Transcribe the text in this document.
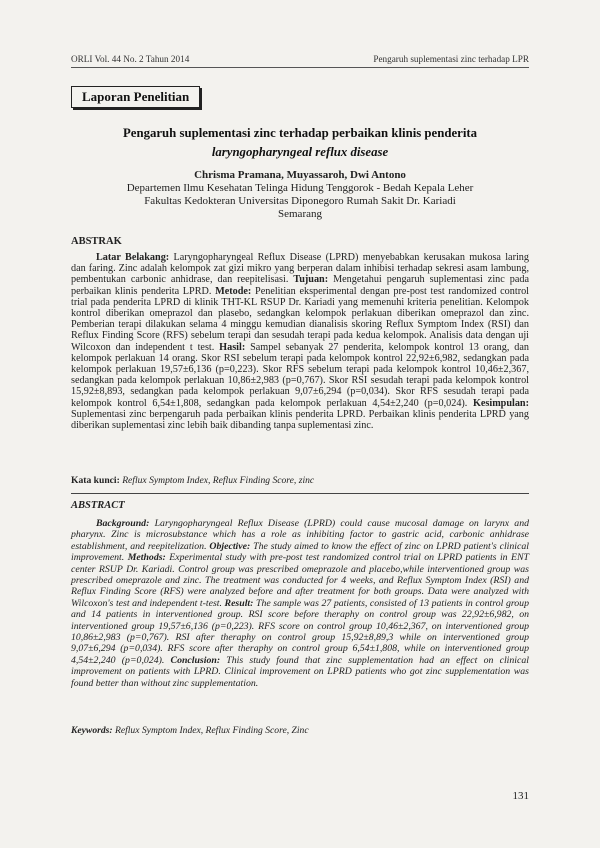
ORLI Vol. 44 No. 2 Tahun 2014	Pengaruh suplementasi zinc terhadap LPR
Laporan Penelitian
Pengaruh suplementasi zinc terhadap perbaikan klinis penderita
laryngopharyngeal reflux disease
Chrisma Pramana, Muyassaroh, Dwi Antono
Departemen Ilmu Kesehatan Telinga Hidung Tenggorok - Bedah Kepala Leher
Fakultas Kedokteran Universitas Diponegoro Rumah Sakit Dr. Kariadi
Semarang
ABSTRAK
Latar Belakang: Laryngopharyngeal Reflux Disease (LPRD) menyebabkan kerusakan mukosa laring dan faring. Zinc adalah kelompok zat gizi mikro yang berperan dalam inhibisi terhadap sekresi asam lambung, pembentukan carbonic anhidrase, dan reepitelisasi. Tujuan: Mengetahui pengaruh suplementasi zinc pada perbaikan klinis penderita LPRD. Metode: Penelitian eksperimental dengan pre-post test randomized control trial pada penderita LPRD di klinik THT-KL RSUP Dr. Kariadi yang memenuhi kriteria penelitian. Kelompok kontrol diberikan omeprazol dan plasebo, sedangkan kelompok perlakuan diberikan omeprazol dan zinc. Pemberian terapi dilakukan selama 4 minggu kemudian dianalisis skoring Reflux Symptom Index (RSI) dan Reflux Finding Score (RFS) sebelum terapi dan sesudah terapi pada kedua kelompok. Analisis data dengan uji Wilcoxon dan independent t test. Hasil: Sampel sebanyak 27 penderita, kelompok kontrol 13 orang, dan kelompok perlakuan 14 orang. Skor RSI sebelum terapi pada kelompok kontrol 22,92±6,982, sedangkan pada kelompok perlakuan 19,57±6,136 (p=0,223). Skor RFS sebelum terapi pada kelompok kontrol 10,46±2,367, sedangkan pada kelompok perlakuan 10,86±2,983 (p=0,767). Skor RSI sesudah terapi pada kelompok kontrol 15,92±8,893, sedangkan pada kelompok perlakuan 9,07±6,294 (p=0,034). Skor RFS sesudah terapi pada kelompok kontrol 6,54±1,808, sedangkan pada kelompok perlakuan 4,54±2,240 (p=0,024). Kesimpulan: Suplementasi zinc berpengaruh pada perbaikan klinis penderita LPRD. Perbaikan klinis penderita LPRD yang diberikan suplementasi zinc lebih baik dibanding tanpa suplementasi zinc.
Kata kunci: Reflux Symptom Index, Reflux Finding Score, zinc
ABSTRACT
Background: Laryngopharyngeal Reflux Disease (LPRD) could cause mucosal damage on larynx and pharynx. Zinc is microsubstance which has a role as inhibiting factor to gastric acid, carbonic anhidrase establishment, and reepitelization. Objective: The study aimed to know the effect of zinc on LPRD patient's clinical improvement. Methods: Experimental study with pre-post test randomized control trial on LPRD patients in ENT center RSUP Dr. Kariadi. Control group was prescribed omeprazole and placebo,while interventioned group was prescribed omeprazole and zinc. The treatment was conducted for 4 weeks, and Reflux Symptom Index (RSI) and Reflux Finding Score (RFS) were analyzed before and after treatment for both groups. Data were analyzed with Wilcoxon's test and independent t-test. Result: The sample was 27 patients, consisted of 13 patients in control group and 14 patients in interventioned group. RSI score before theraphy on control group was 22,92±6,982, on interventioned group 19,57±6,136 (p=0,223). RFS score on control group 10,46±2,367, on interventioned group 10,86±2,983 (p=0,767). RSI after theraphy on control group 15,92±8,89,3 while on interventioned group 9,07±6,294 (p=0,034). RFS score after theraphy on control group 6,54±1,808, while on interventioned group 4,54±2,240 (p=0,024). Conclusion: This study found that zinc supplementation had an effect on clinical improvement on patients with LPRD. Clinical improvement on LPRD patients who got zinc supplementation was found better than without zinc supplementation.
Keywords: Reflux Symptom Index, Reflux Finding Score, Zinc
131
